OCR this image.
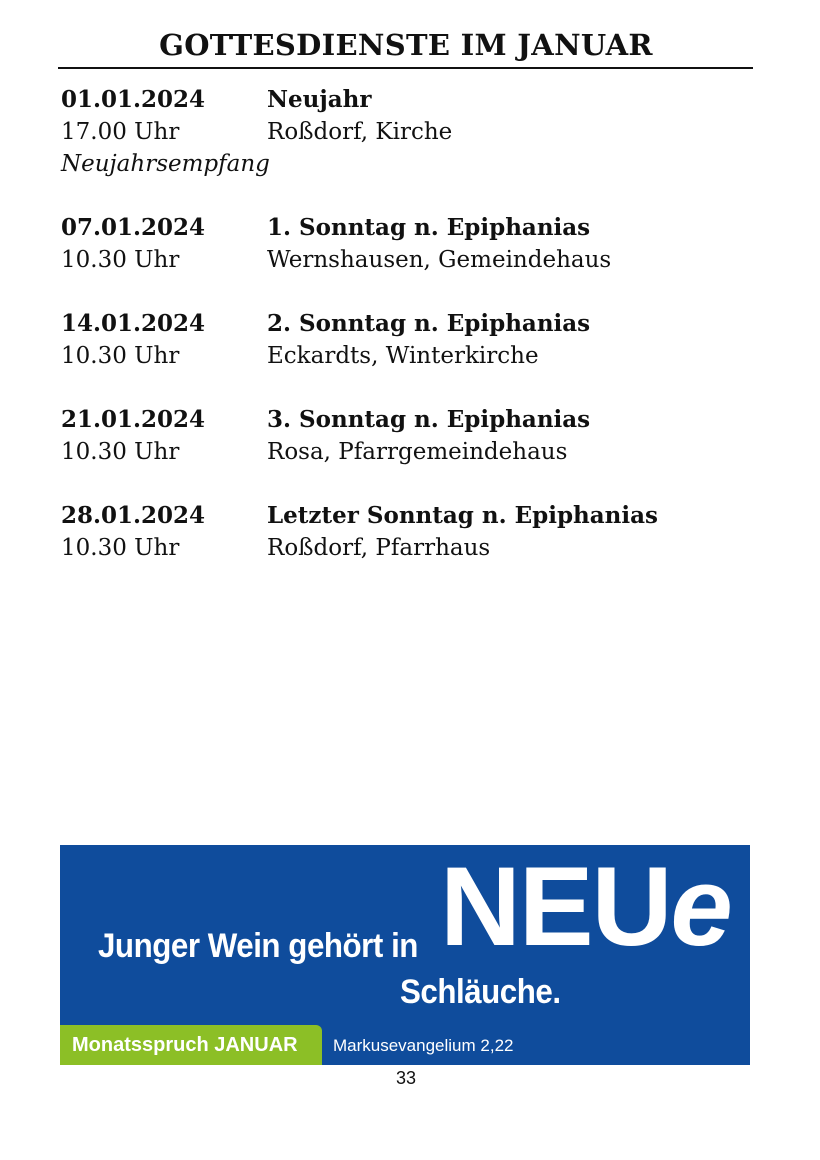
GOTTESDIENSTE IM JANUAR
01.01.2024	Neujahr
17.00 Uhr	Roßdorf, Kirche
Neujahrsempfang
07.01.2024	1. Sonntag n. Epiphanias
10.30 Uhr	Wernshausen, Gemeindehaus
14.01.2024	2. Sonntag n. Epiphanias
10.30 Uhr	Eckardts, Winterkirche
21.01.2024	3. Sonntag n. Epiphanias
10.30 Uhr	Rosa, Pfarrgemeindehaus
28.01.2024	Letzter Sonntag n. Epiphanias
10.30 Uhr	Roßdorf, Pfarrhaus
Junger Wein gehört in NEUe
Schläuche.
Monatsspruch JANUAR	Markusevangelium 2,22
33
